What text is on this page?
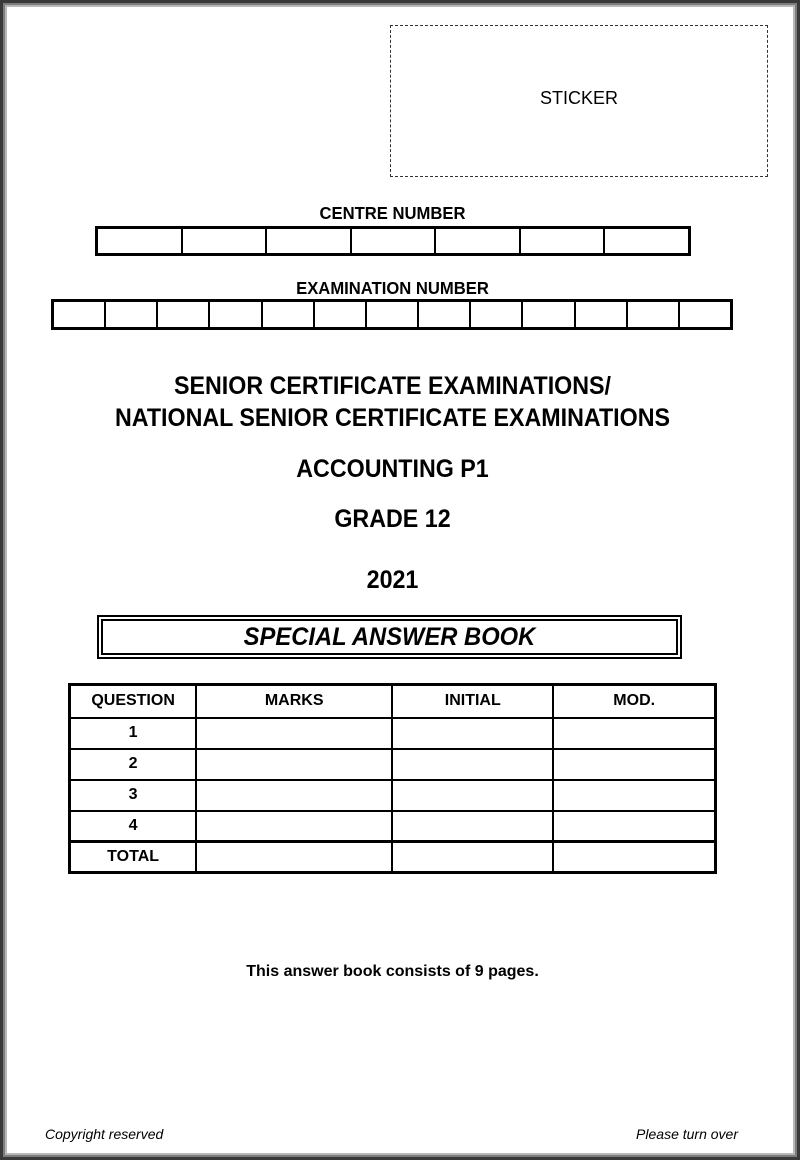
STICKER
CENTRE NUMBER
EXAMINATION NUMBER
SENIOR CERTIFICATE EXAMINATIONS/
NATIONAL SENIOR CERTIFICATE EXAMINATIONS
ACCOUNTING P1
GRADE 12
2021
SPECIAL ANSWER BOOK
QUESTION	MARKS	INITIAL	MOD.
1			
2			
3			
4			
TOTAL			
This answer book consists of 9 pages.
Copyright reserved	Please turn over
